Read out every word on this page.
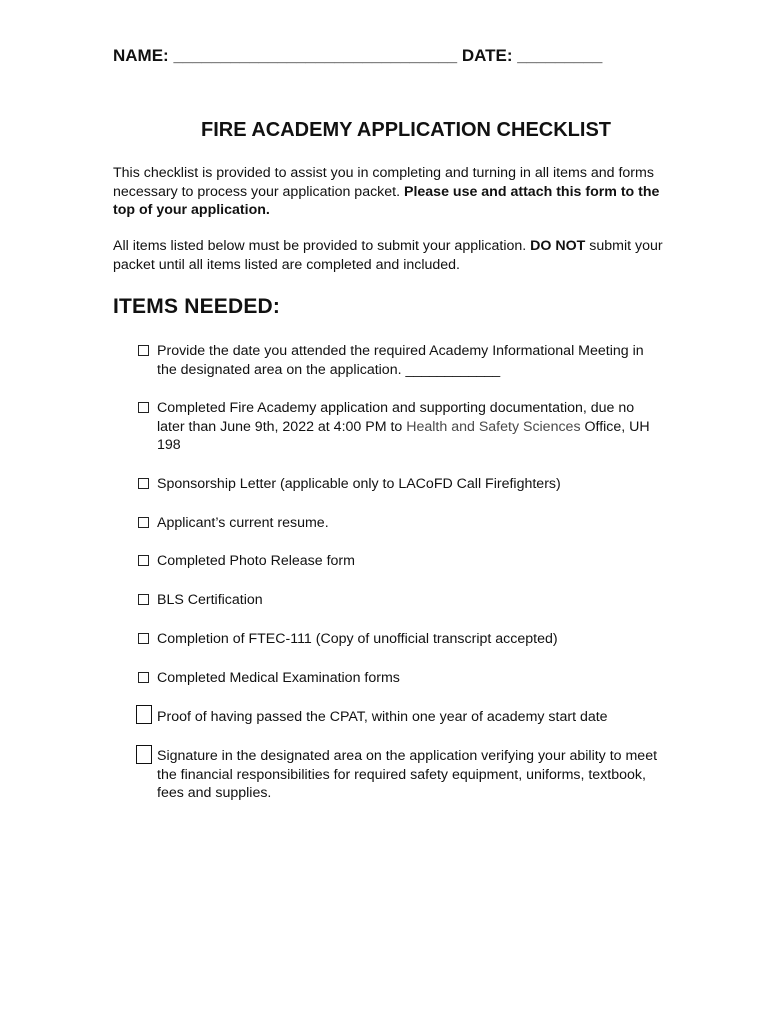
NAME: ______________________________ DATE: _________
FIRE ACADEMY APPLICATION CHECKLIST
This checklist is provided to assist you in completing and turning in all items and forms necessary to process your application packet. Please use and attach this form to the top of your application.
All items listed below must be provided to submit your application. DO NOT submit your packet until all items listed are completed and included.
ITEMS NEEDED:
Provide the date you attended the required Academy Informational Meeting in the designated area on the application. ____________
Completed Fire Academy application and supporting documentation, due no later than June 9th, 2022 at 4:00 PM to Health and Safety Sciences Office, UH 198
Sponsorship Letter (applicable only to LACoFD Call Firefighters)
Applicant’s current resume.
Completed Photo Release form
BLS Certification
Completion of FTEC-111 (Copy of unofficial transcript accepted)
Completed Medical Examination forms
Proof of having passed the CPAT, within one year of academy start date
Signature in the designated area on the application verifying your ability to meet the financial responsibilities for required safety equipment, uniforms, textbook, fees and supplies.
